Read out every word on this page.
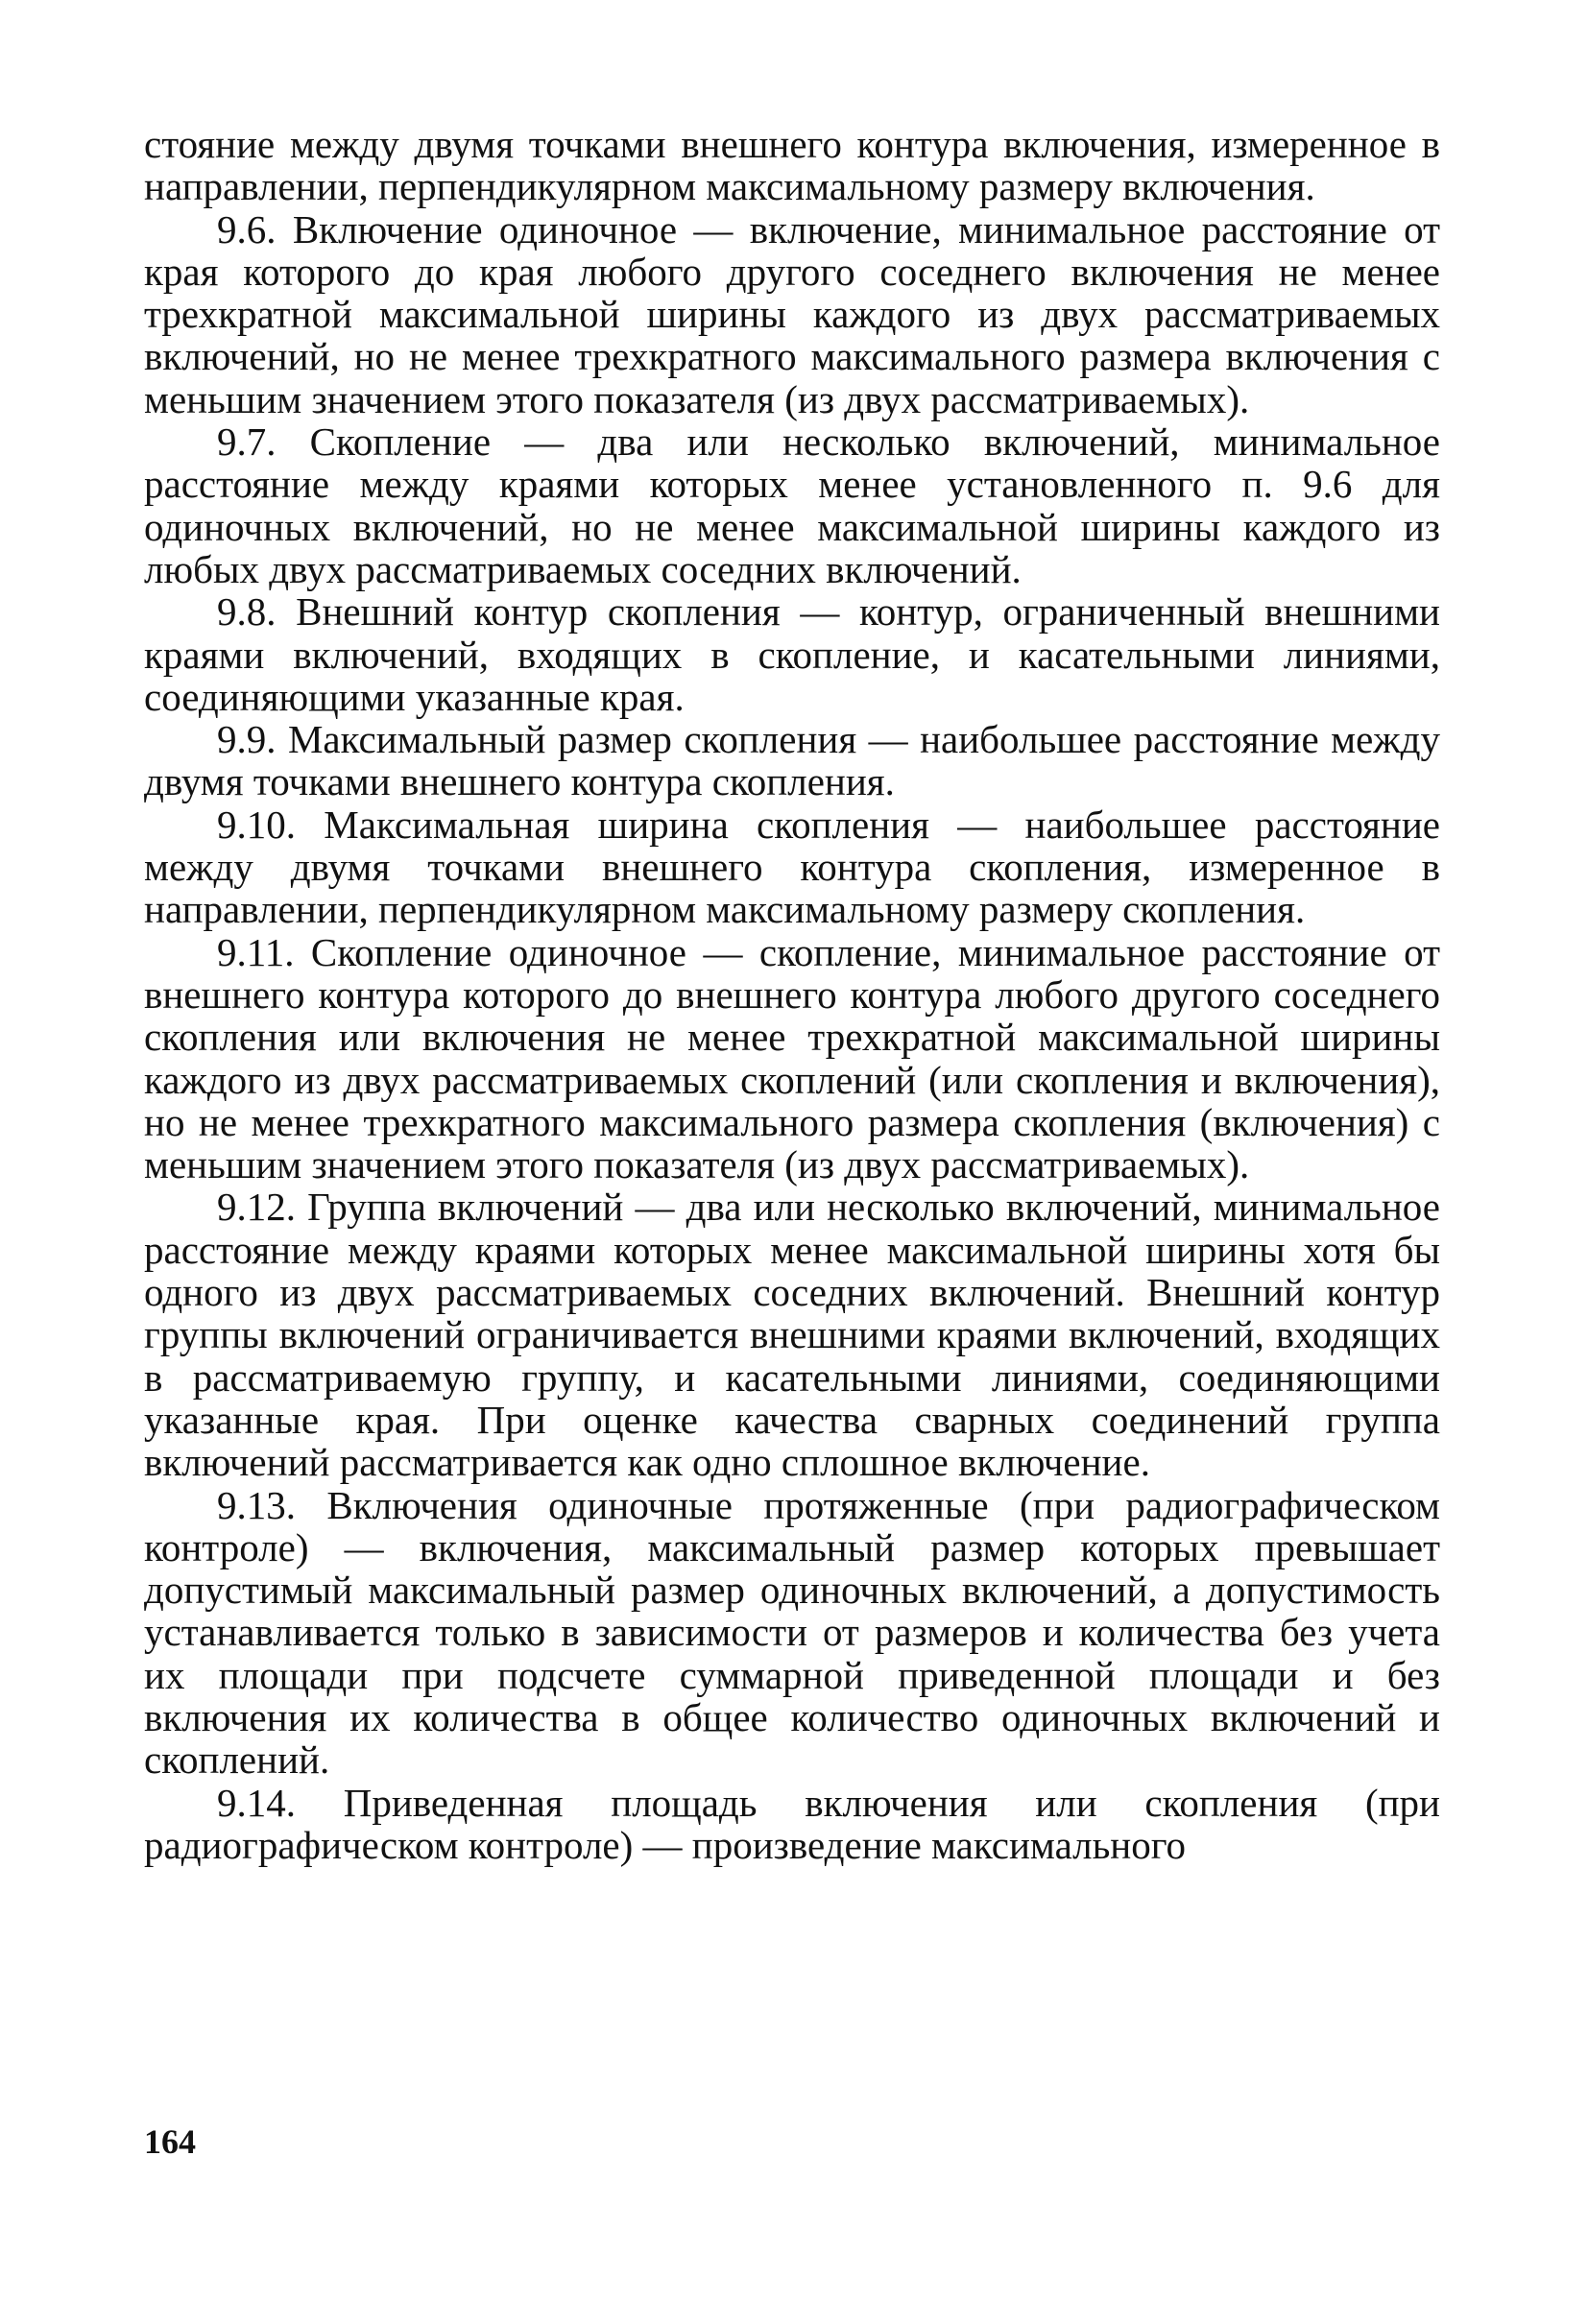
стояние между двумя точками внешнего контура включения, измеренное в направлении, перпендикулярном максимальному размеру включения.

9.6. Включение одиночное — включение, минимальное расстояние от края которого до края любого другого соседнего включения не менее трехкратной максимальной ширины каждого из двух рассматриваемых включений, но не менее трехкратного максимального размера включения с меньшим значением этого показателя (из двух рассматриваемых).

9.7. Скопление — два или несколько включений, минимальное расстояние между краями которых менее установленного п. 9.6 для одиночных включений, но не менее максимальной ширины каждого из любых двух рассматриваемых соседних включений.

9.8. Внешний контур скопления — контур, ограниченный внешними краями включений, входящих в скопление, и касательными линиями, соединяющими указанные края.

9.9. Максимальный размер скопления — наибольшее расстояние между двумя точками внешнего контура скопления.

9.10. Максимальная ширина скопления — наибольшее расстояние между двумя точками внешнего контура скопления, измеренное в направлении, перпендикулярном максимальному размеру скопления.

9.11. Скопление одиночное — скопление, минимальное расстояние от внешнего контура которого до внешнего контура любого другого соседнего скопления или включения не менее трехкратной максимальной ширины каждого из двух рассматриваемых скоплений (или скопления и включения), но не менее трехкратного максимального размера скопления (включения) с меньшим значением этого показателя (из двух рассматриваемых).

9.12. Группа включений — два или несколько включений, минимальное расстояние между краями которых менее максимальной ширины хотя бы одного из двух рассматриваемых соседних включений. Внешний контур группы включений ограничивается внешними краями включений, входящих в рассматриваемую группу, и касательными линиями, соединяющими указанные края. При оценке качества сварных соединений группа включений рассматривается как одно сплошное включение.

9.13. Включения одиночные протяженные (при радиографическом контроле) — включения, максимальный размер которых превышает допустимый максимальный размер одиночных включений, а допустимость устанавливается только в зависимости от размеров и количества без учета их площади при подсчете суммарной приведенной площади и без включения их количества в общее количество одиночных включений и скоплений.

9.14. Приведенная площадь включения или скопления (при радиографическом контроле) — произведение максимального

164
